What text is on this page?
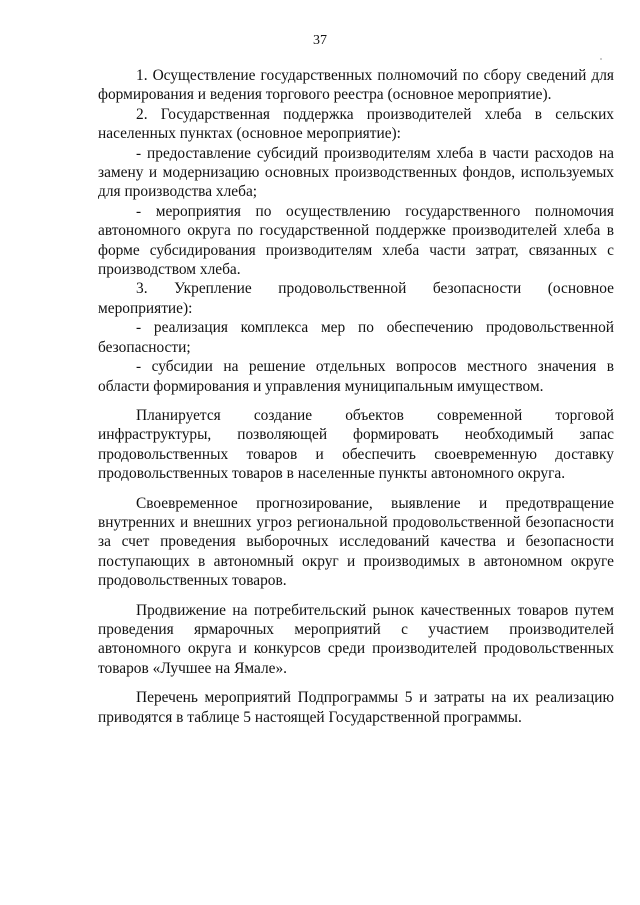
37

1. Осуществление государственных полномочий по сбору сведений для формирования и ведения торгового реестра (основное мероприятие).

2. Государственная поддержка производителей хлеба в сельских населенных пунктах (основное мероприятие):

- предоставление субсидий производителям хлеба в части расходов на замену и модернизацию основных производственных фондов, используемых для производства хлеба;

- мероприятия по осуществлению государственного полномочия автономного округа по государственной поддержке производителей хлеба в форме субсидирования производителям хлеба части затрат, связанных с производством хлеба.

3. Укрепление продовольственной безопасности (основное мероприятие):

- реализация комплекса мер по обеспечению продовольственной безопасности;

- субсидии на решение отдельных вопросов местного значения в области формирования и управления муниципальным имуществом.

Планируется создание объектов современной торговой инфраструктуры, позволяющей формировать необходимый запас продовольственных товаров и обеспечить своевременную доставку продовольственных товаров в населенные пункты автономного округа.

Своевременное прогнозирование, выявление и предотвращение внутренних и внешних угроз региональной продовольственной безопасности за счет проведения выборочных исследований качества и безопасности поступающих в автономный округ и производимых в автономном округе продовольственных товаров.

Продвижение на потребительский рынок качественных товаров путем проведения ярмарочных мероприятий с участием производителей автономного округа и конкурсов среди производителей продовольственных товаров «Лучшее на Ямале».

Перечень мероприятий Подпрограммы 5 и затраты на их реализацию приводятся в таблице 5 настоящей Государственной программы.
